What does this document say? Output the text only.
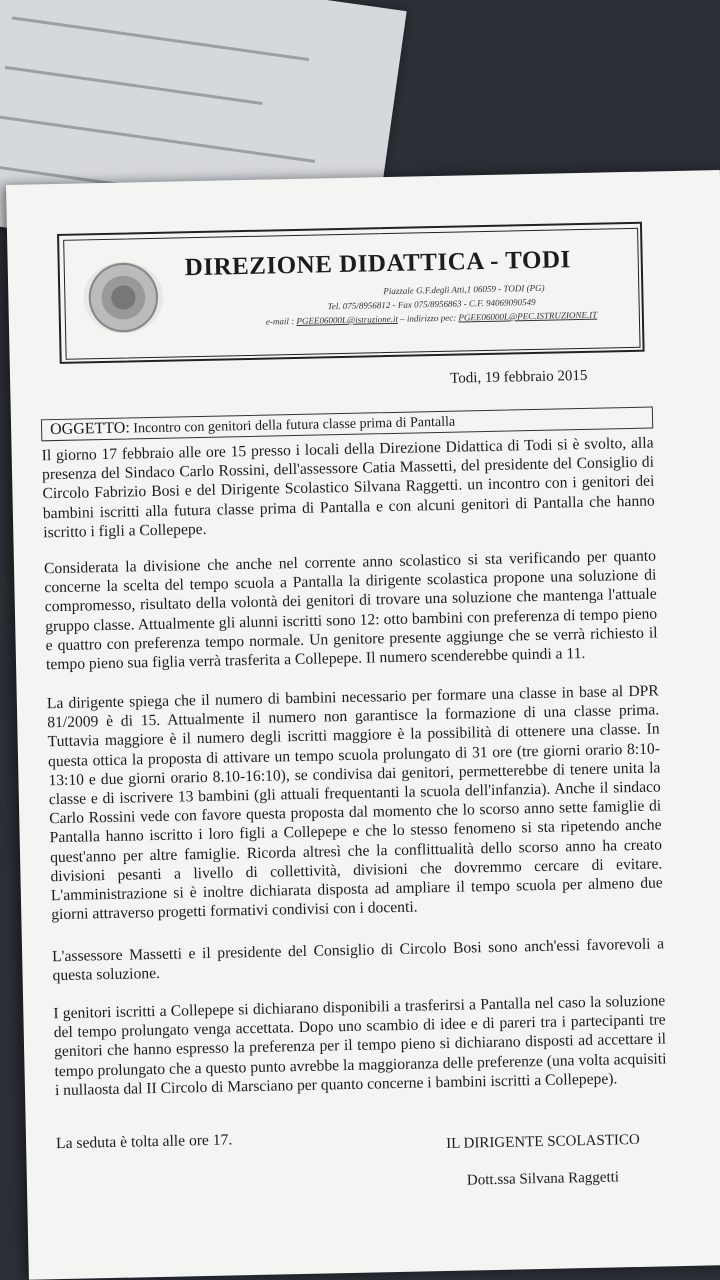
DIREZIONE DIDATTICA - TODI
Piazzale G.F.degli Atti,1 06059 - TODI (PG)
Tel. 075/8956812 - Fax 075/8956863 - C.F. 94069090549
e-mail : PGEE06000L@istruzione.it – indirizzo pec: PGEE06000L@PEC.ISTRUZIONE.IT
Todi, 19 febbraio 2015
OGGETTO: Incontro con genitori della futura classe prima di Pantalla
Il giorno 17 febbraio alle ore 15 presso i locali della Direzione Didattica di Todi si è svolto, alla presenza del Sindaco Carlo Rossini, dell'assessore Catia Massetti, del presidente del Consiglio di Circolo Fabrizio Bosi e del Dirigente Scolastico Silvana Raggetti. un incontro con i genitori dei bambini iscritti alla futura classe prima di Pantalla e con alcuni genitori di Pantalla che hanno iscritto i figli a Collepepe.
Considerata la divisione che anche nel corrente anno scolastico si sta verificando per quanto concerne la scelta del tempo scuola a Pantalla la dirigente scolastica propone una soluzione di compromesso, risultato della volontà dei genitori di trovare una soluzione che mantenga l'attuale gruppo classe. Attualmente gli alunni iscritti sono 12: otto bambini con preferenza di tempo pieno e quattro con preferenza tempo normale. Un genitore presente aggiunge che se verrà richiesto il tempo pieno sua figlia verrà trasferita a Collepepe. Il numero scenderebbe quindi a 11.
La dirigente spiega che il numero di bambini necessario per formare una classe in base al DPR 81/2009 è di 15. Attualmente il numero non garantisce la formazione di una classe prima. Tuttavia maggiore è il numero degli iscritti maggiore è la possibilità di ottenere una classe. In questa ottica la proposta di attivare un tempo scuola prolungato di 31 ore (tre giorni orario 8:10-13:10 e due giorni orario 8.10-16:10), se condivisa dai genitori, permetterebbe di tenere unita la classe e di iscrivere 13 bambini (gli attuali frequentanti la scuola dell'infanzia). Anche il sindaco Carlo Rossini vede con favore questa proposta dal momento che lo scorso anno sette famiglie di Pantalla hanno iscritto i loro figli a Collepepe e che lo stesso fenomeno si sta ripetendo anche quest'anno per altre famiglie. Ricorda altresì che la conflittualità dello scorso anno ha creato divisioni pesanti a livello di collettività, divisioni che dovremmo cercare di evitare. L'amministrazione si è inoltre dichiarata disposta ad ampliare il tempo scuola per almeno due giorni attraverso progetti formativi condivisi con i docenti.
L'assessore Massetti e il presidente del Consiglio di Circolo Bosi sono anch'essi favorevoli a questa soluzione.
I genitori iscritti a Collepepe si dichiarano disponibili a trasferirsi a Pantalla nel caso la soluzione del tempo prolungato venga accettata. Dopo uno scambio di idee e di pareri tra i partecipanti tre genitori che hanno espresso la preferenza per il tempo pieno si dichiarano disposti ad accettare il tempo prolungato che a questo punto avrebbe la maggioranza delle preferenze (una volta acquisiti i nullaosta dal II Circolo di Marsciano per quanto concerne i bambini iscritti a Collepepe).
La seduta è tolta alle ore 17.	IL DIRIGENTE SCOLASTICO
Dott.ssa Silvana Raggetti
